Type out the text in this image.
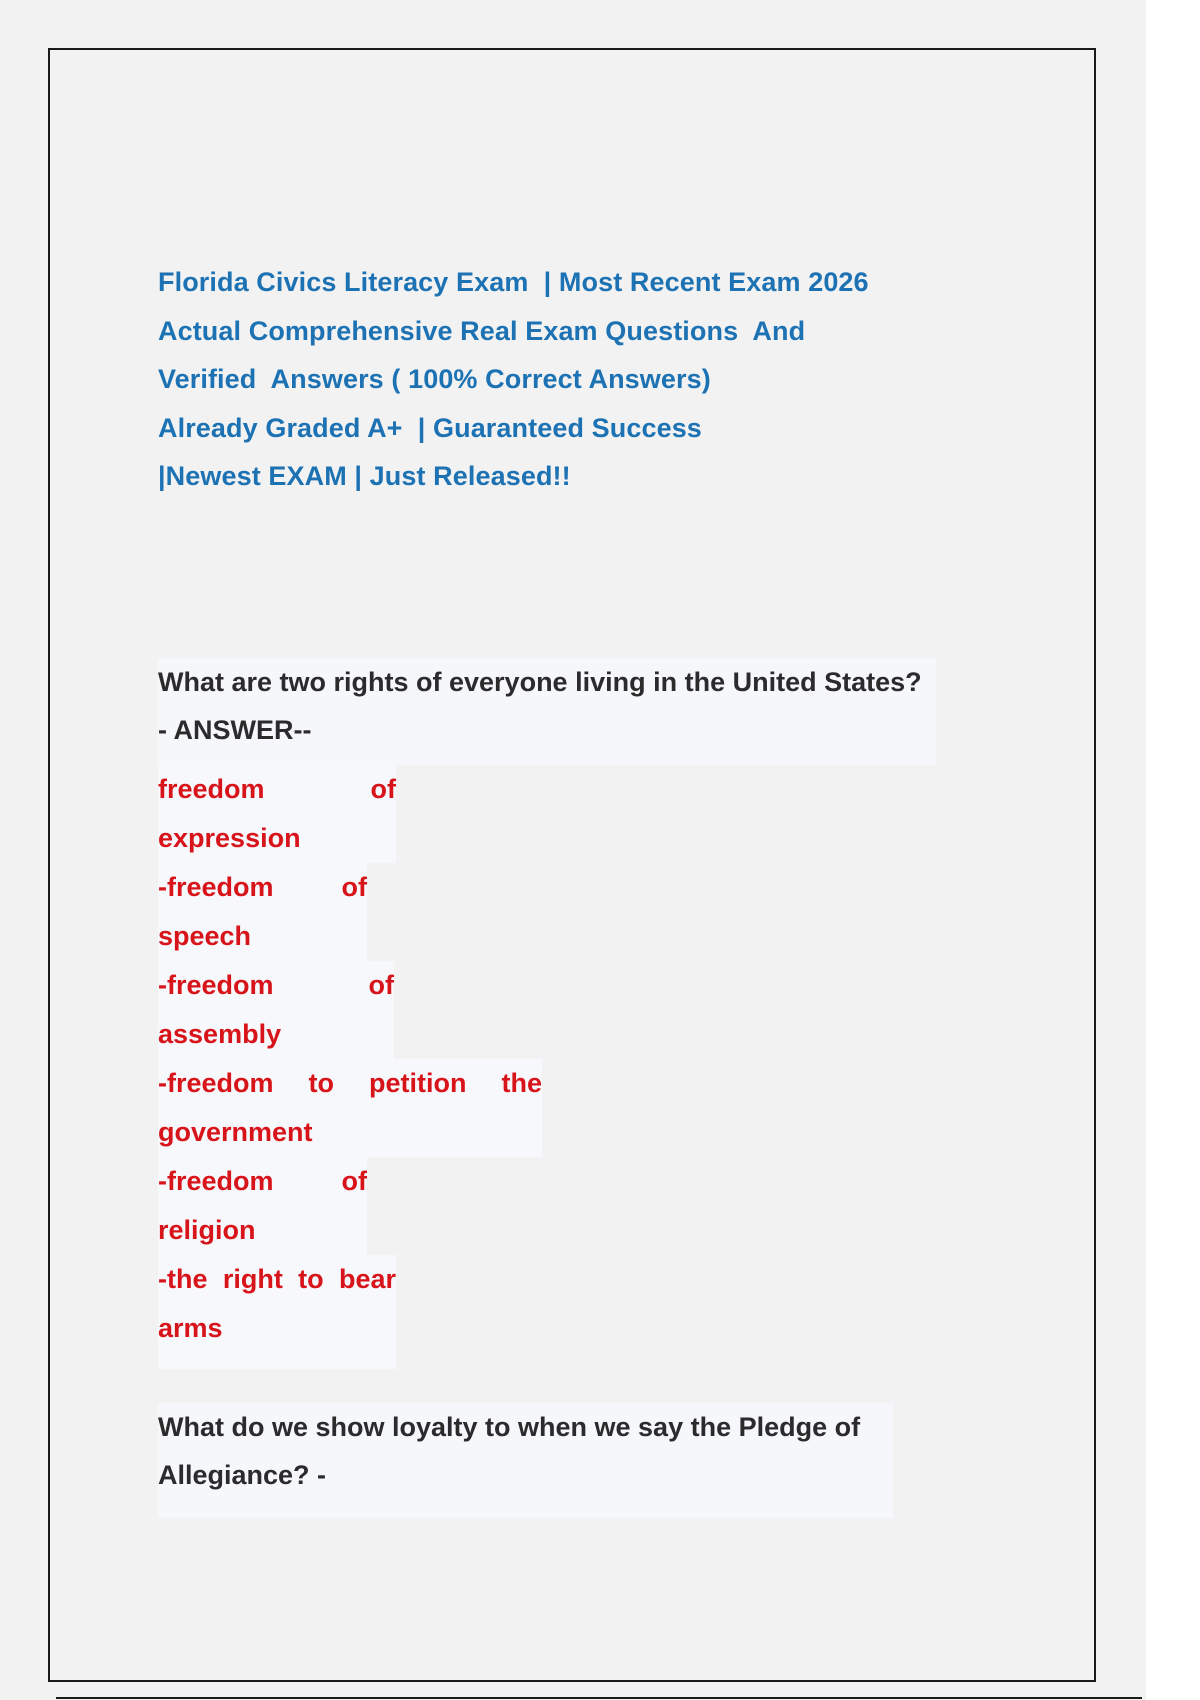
Florida Civics Literacy Exam  | Most Recent Exam 2026
Actual Comprehensive Real Exam Questions  And
Verified  Answers ( 100% Correct Answers)
Already Graded A+  | Guaranteed Success
|Newest EXAM | Just Released!!
What are two rights of everyone living in the United States?
- ANSWER--
freedom of
expression
-freedom of
speech
-freedom of
assembly
-freedom to petition the
government
-freedom of
religion
-the right to bear
arms
What do we show loyalty to when we say the Pledge of
Allegiance? -
